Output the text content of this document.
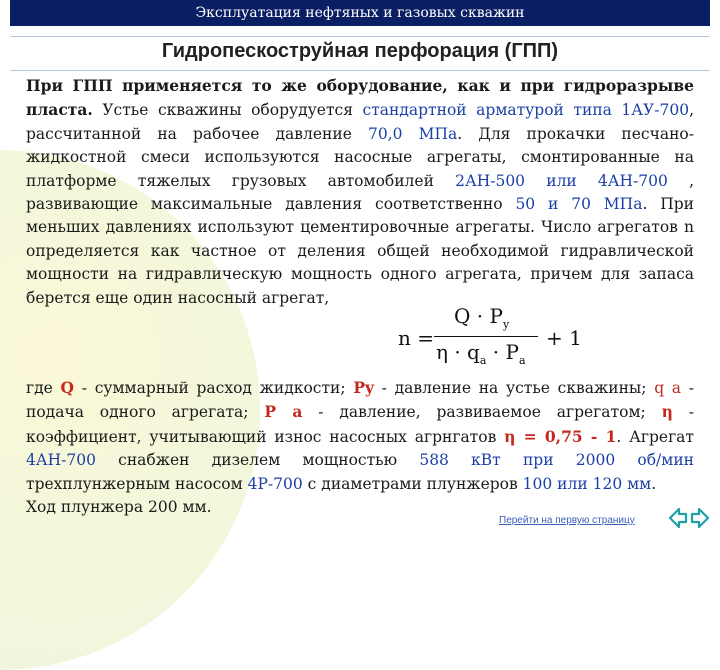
Эксплуатация нефтяных и газовых скважин
Гидропескоструйная перфорация (ГПП)
При ГПП применяется то же оборудование, как и при гидроразрыве пласта. Устье скважины оборудуется стандартной арматурой типа 1АУ-700, рассчитанной на рабочее давление 70,0 МПа. Для прокачки песчано-жидкостной смеси используются насосные агрегаты, смонтированные на платформе тяжелых грузовых автомобилей 2АН-500 или 4АН-700 , развивающие максимальные давления соответственно 50 и 70 МПа. При меньших давлениях используют цементировочные агрегаты. Число агрегатов n определяется как частное от деления общей необходимой гидравлической мощности на гидравлическую мощность одного агрегата, причем для запаса берется еще один насосный агрегат,
n =
$Q \cdot P_y$
$\eta \cdot q_a \cdot P_a$
+ 1
где Q - суммарный расход жидкости; Py - давление на устье скважины; q a - подача одного агрегата; P a - давление, развиваемое агрегатом; η - коэффициент, учитывающий износ насосных агрнгатов η = 0,75 - 1. Агрегат 4АН-700 снабжен дизелем мощностью 588 кВт при 2000 об/мин трехплунжерным насосом 4Р-700 с диаметрами плунжеров 100 или 120 мм.
Ход плунжера 200 мм.
Перейти на первую страницу
